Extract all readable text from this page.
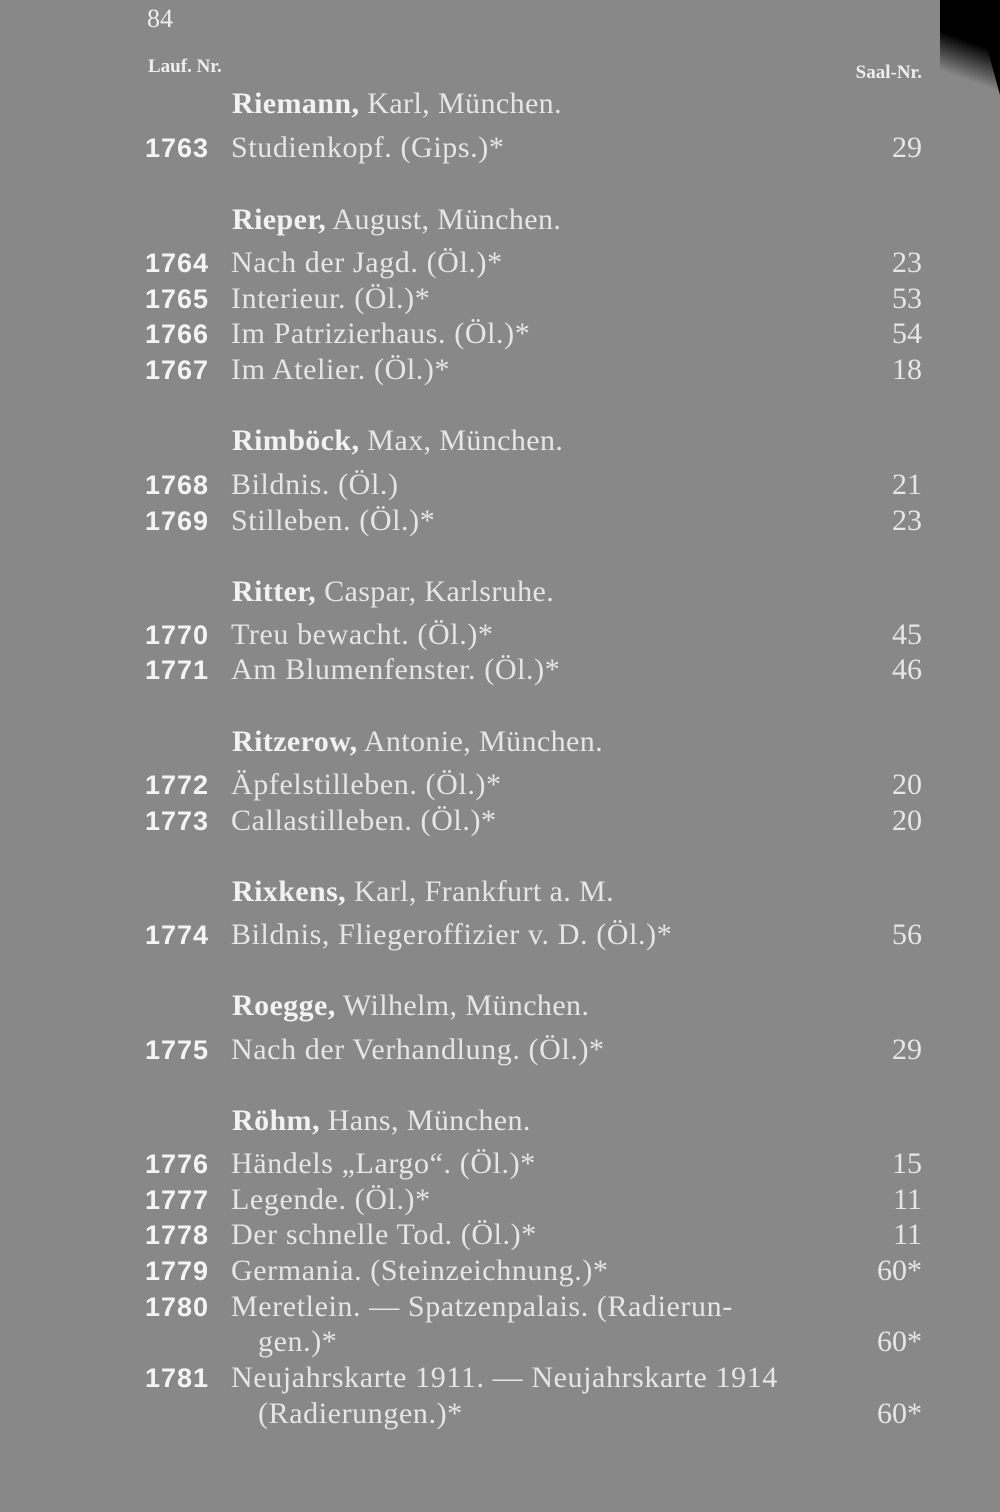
84
Lauf. Nr.	Saal-Nr.
Riemann, Karl, München.
1763 Studienkopf. (Gips.)*	29
Rieper, August, München.
1764 Nach der Jagd. (Öl.)*	23
1765 Interieur. (Öl.)*	53
1766 Im Patrizierhaus. (Öl.)*	54
1767 Im Atelier. (Öl.)*	18
Rimböck, Max, München.
1768 Bildnis. (Öl.)	21
1769 Stilleben. (Öl.)*	23
Ritter, Caspar, Karlsruhe.
1770 Treu bewacht. (Öl.)*	45
1771 Am Blumenfenster. (Öl.)*	46
Ritzerow, Antonie, München.
1772 Äpfelstilleben. (Öl.)*	20
1773 Callastilleben. (Öl.)*	20
Rixkens, Karl, Frankfurt a. M.
1774 Bildnis, Fliegeroffizier v. D. (Öl.)*	56
Roegge, Wilhelm, München.
1775 Nach der Verhandlung. (Öl.)*	29
Röhm, Hans, München.
1776 Händels „Largo“. (Öl.)*	15
1777 Legende. (Öl.)*	11
1778 Der schnelle Tod. (Öl.)*	11
1779 Germania. (Steinzeichnung.)*	60*
1780 Meretlein. — Spatzenpalais. (Radierun-
gen.)*	60*
1781 Neujahrskarte 1911. — Neujahrskarte 1914
(Radierungen.)*	60*
